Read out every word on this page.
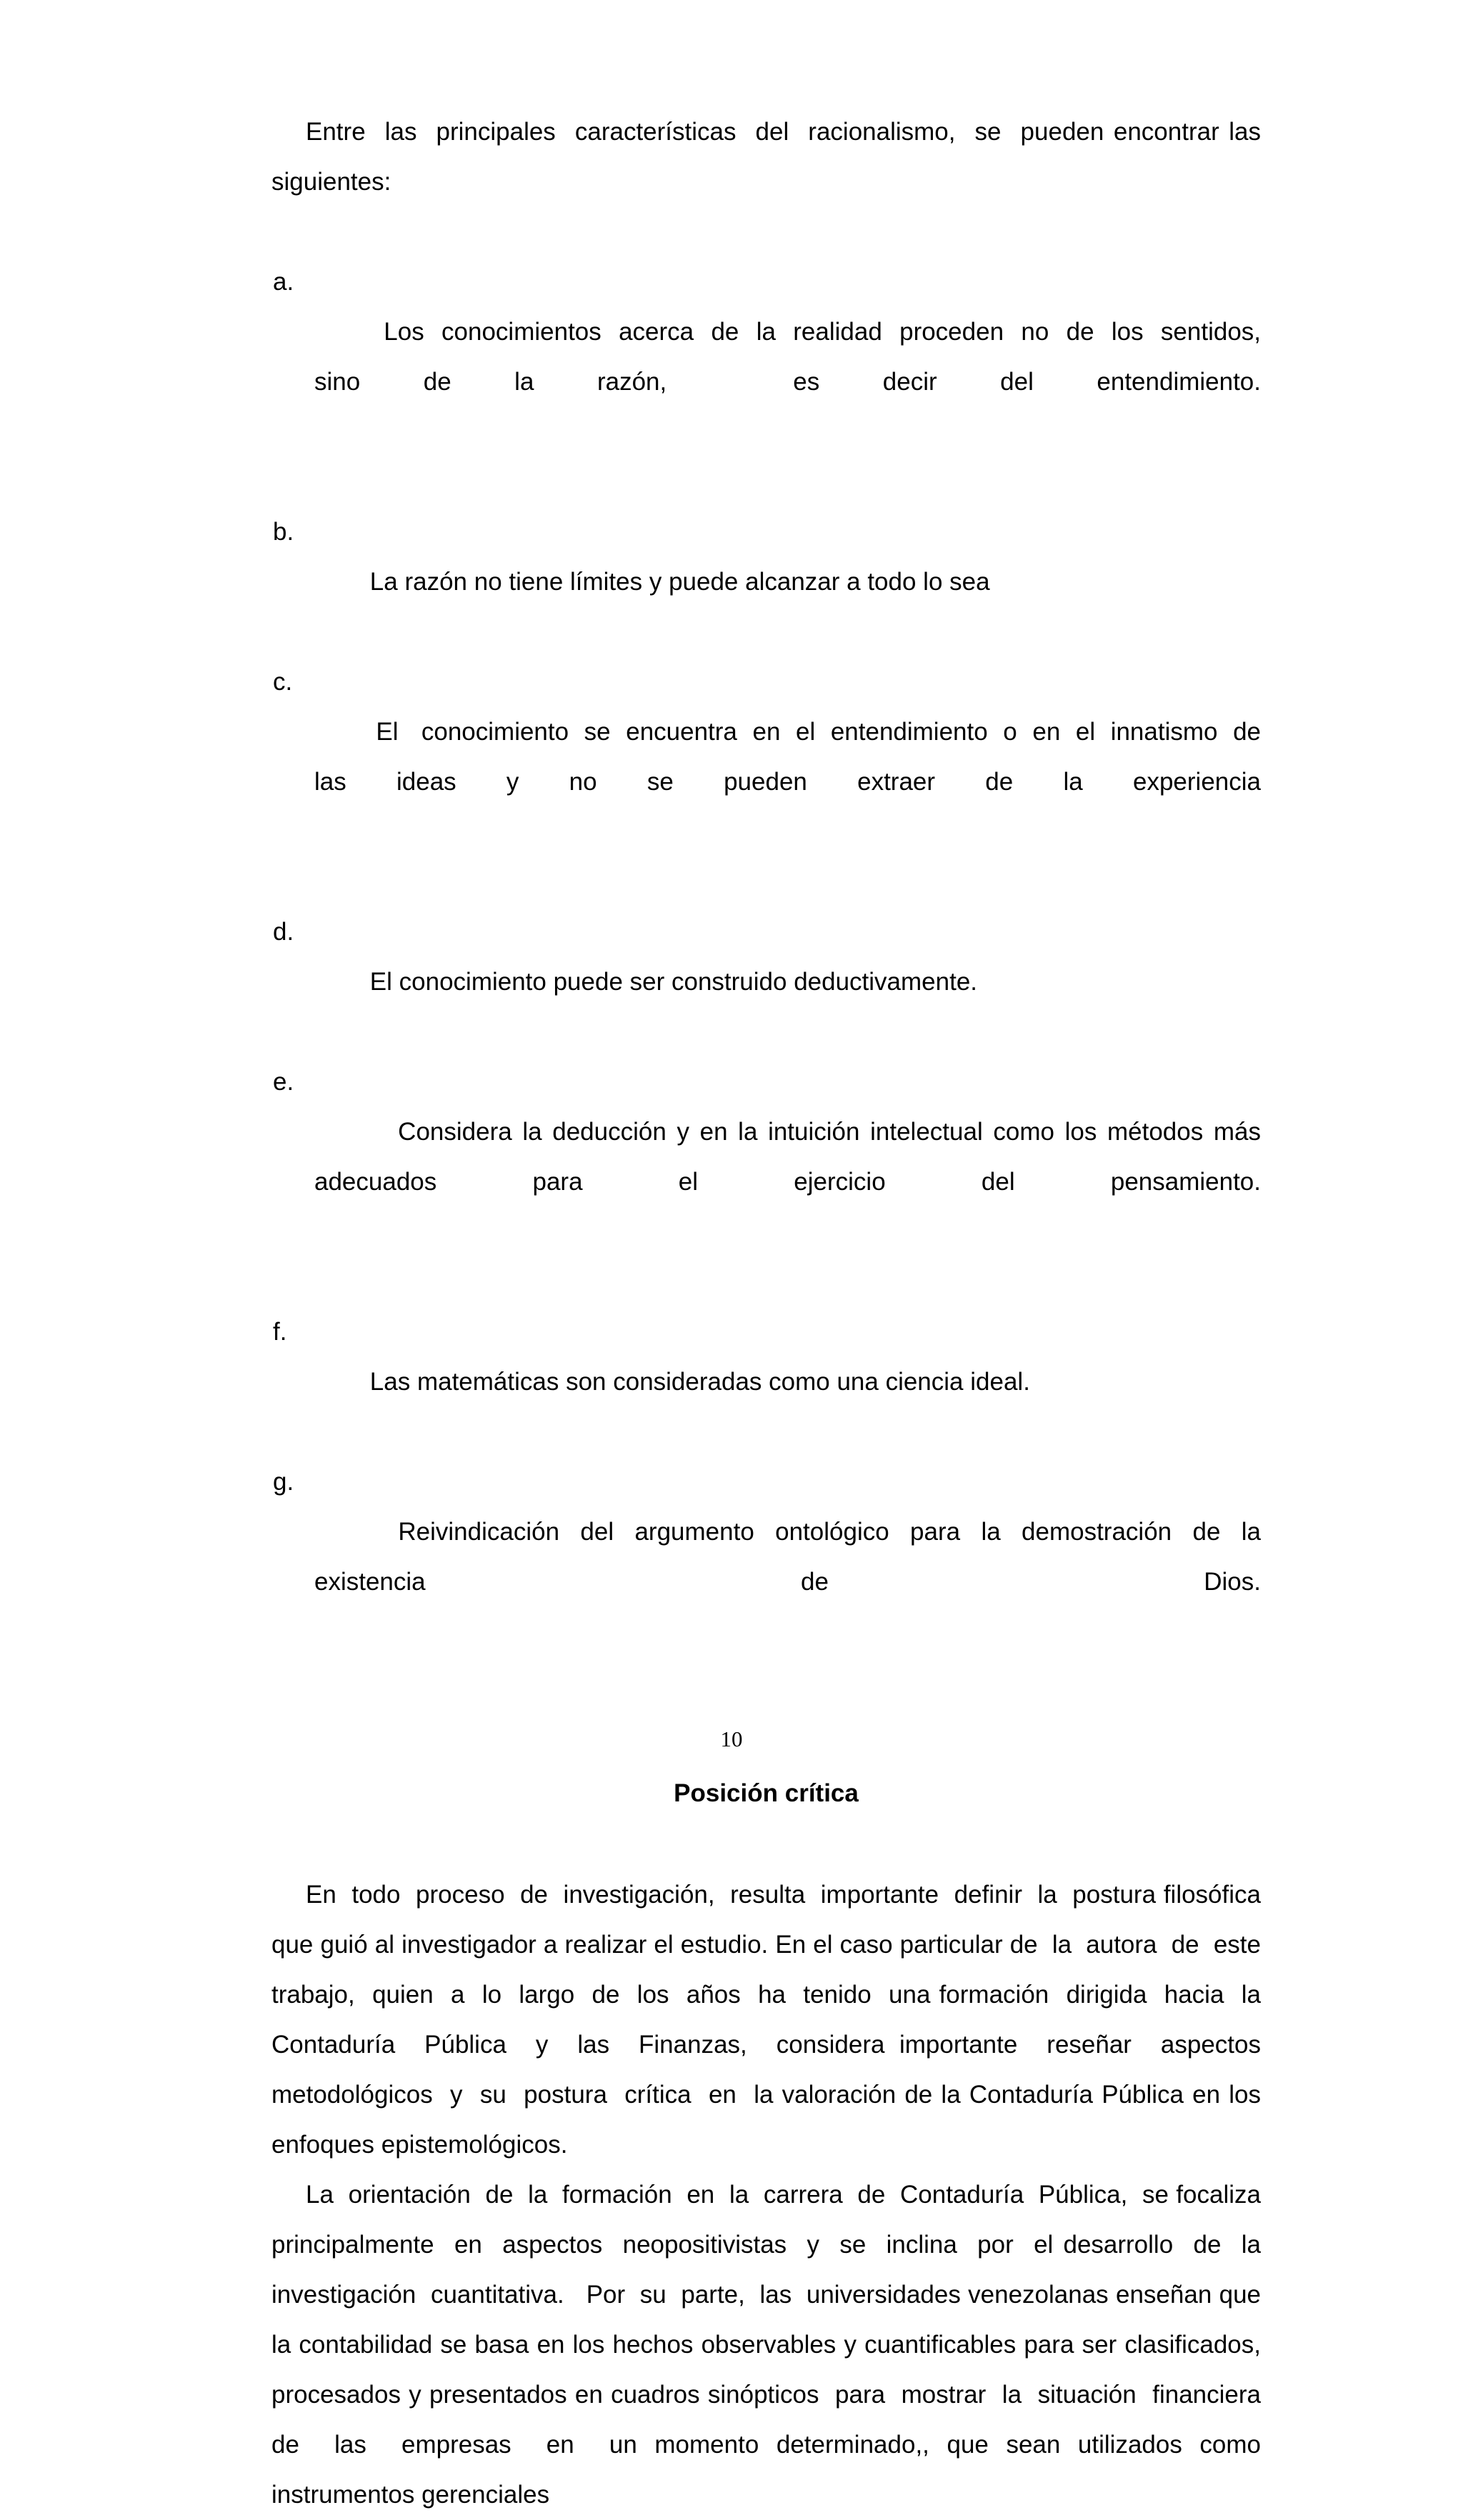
Entre  las  principales  características  del  racionalismo,  se  pueden encontrar las siguientes:

a.
Los  conocimientos  acerca  de  la  realidad  proceden  no  de  los  sentidos, sino de la razón,  es decir del entendimiento.

b.
La razón no tiene límites y puede alcanzar a todo lo sea

c.
El   conocimiento  se  encuentra  en  el  entendimiento  o  en  el  innatismo  de las ideas y no se pueden extraer de la experiencia

d.
El conocimiento puede ser construido deductivamente.

e.
Considera la deducción y en la intuición intelectual como los métodos más adecuados para el ejercicio del pensamiento.

f.
Las matemáticas son consideradas como una ciencia ideal.

g.
Reivindicación  del  argumento  ontológico  para  la  demostración  de  la existencia de Dios.

Posición crítica

En  todo  proceso  de  investigación,  resulta  importante  definir  la  postura filosófica que guió al investigador a realizar el estudio. En el caso particular de  la  autora  de  este  trabajo,  quien  a  lo  largo  de  los  años  ha  tenido  una formación  dirigida  hacia  la  Contaduría  Pública  y  las  Finanzas,  considera importante  reseñar  aspectos  metodológicos  y  su  postura  crítica  en  la valoración de la Contaduría Pública en los enfoques epistemológicos.

La  orientación  de  la  formación  en  la  carrera  de  Contaduría  Pública,  se focaliza  principalmente  en  aspectos  neopositivistas  y  se  inclina  por  el desarrollo  de  la  investigación  cuantitativa.   Por  su  parte,  las  universidades venezolanas enseñan que la contabilidad se basa en los hechos observables y cuantificables para ser clasificados, procesados y presentados en cuadros sinópticos  para  mostrar  la  situación  financiera  de  las  empresas  en  un momento determinado,, que sean utilizados como instrumentos gerenciales

10
